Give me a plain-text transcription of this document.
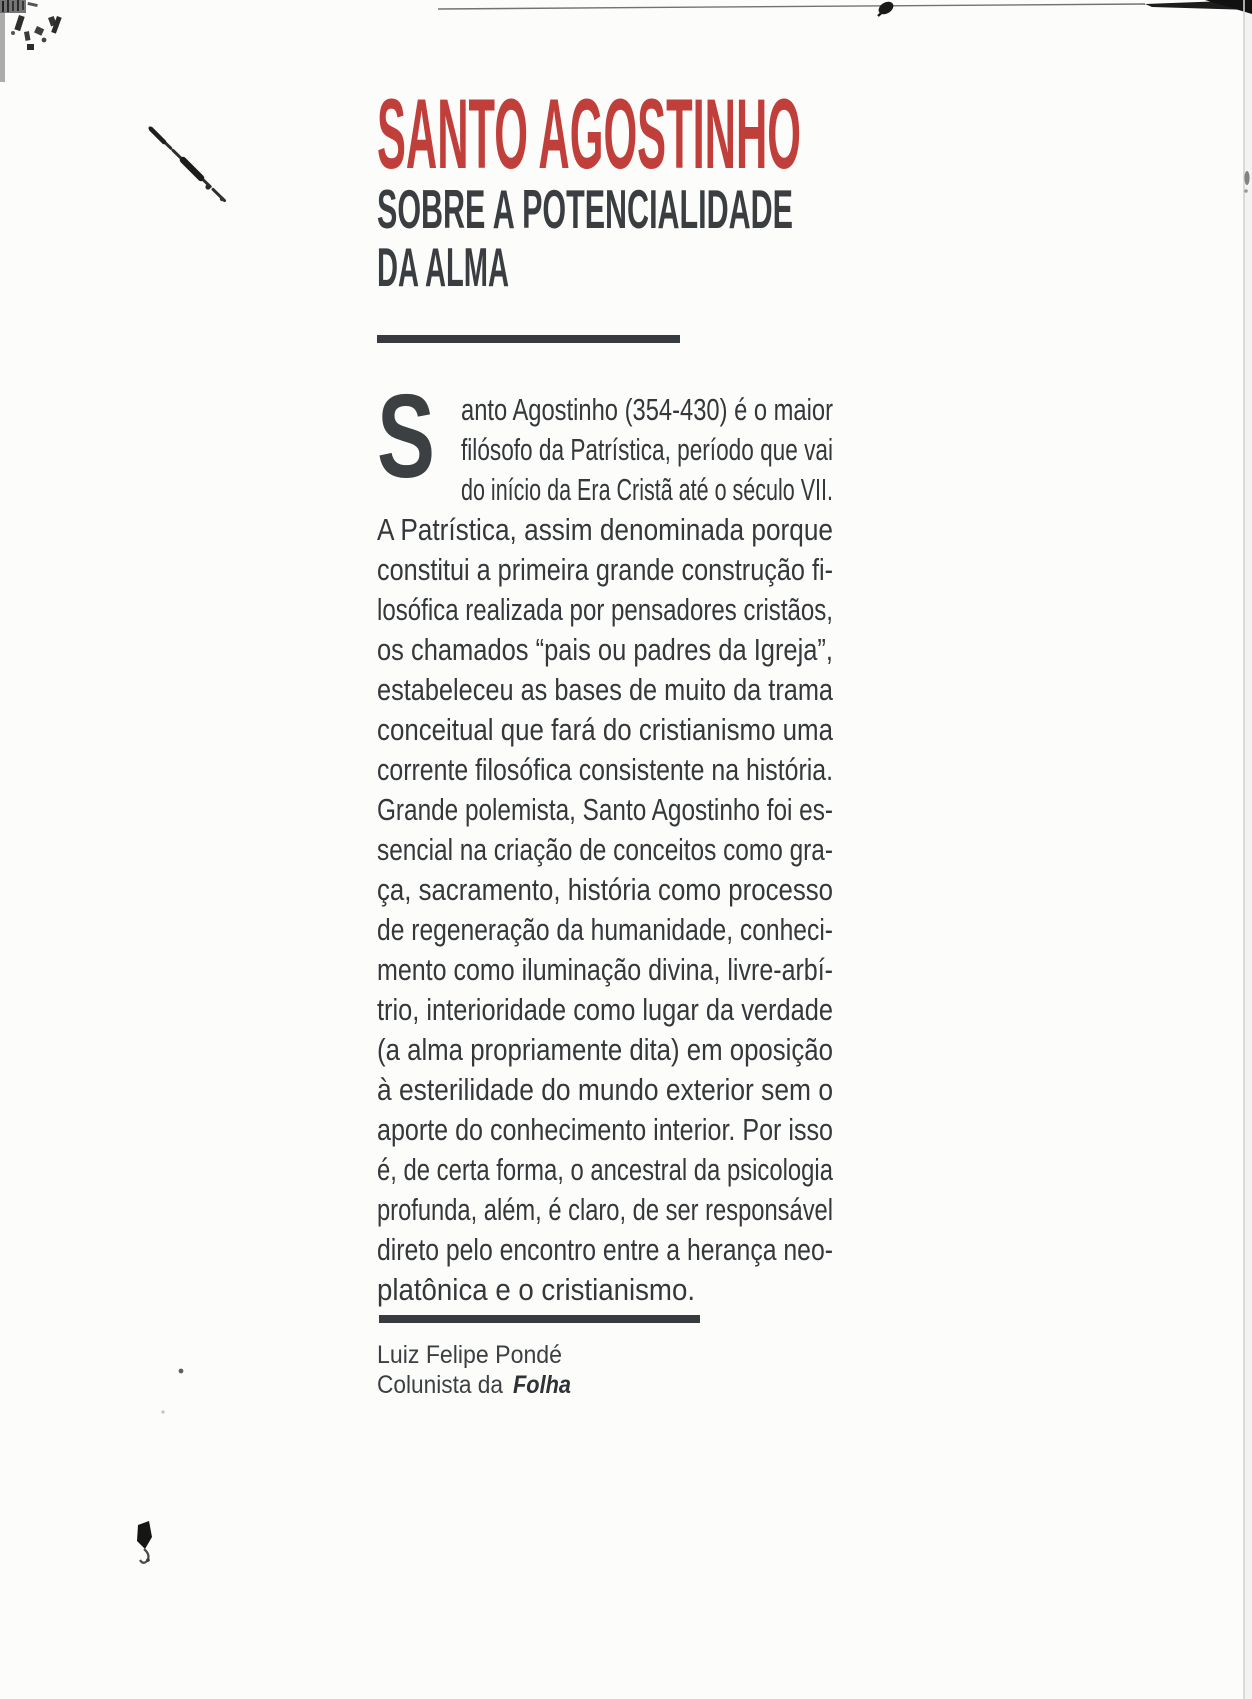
SANTO AGOSTINHO
SOBRE A POTENCIALIDADE
DA ALMA
S anto Agostinho (354-430) é o maior
filósofo da Patrística, período que vai
do início da Era Cristã até o século VII.
A Patrística, assim denominada porque
constitui a primeira grande construção fi-
losófica realizada por pensadores cristãos,
os chamados “pais ou padres da Igreja”,
estabeleceu as bases de muito da trama
conceitual que fará do cristianismo uma
corrente filosófica consistente na história.
Grande polemista, Santo Agostinho foi es-
sencial na criação de conceitos como gra-
ça, sacramento, história como processo
de regeneração da humanidade, conheci-
mento como iluminação divina, livre-arbí-
trio, interioridade como lugar da verdade
(a alma propriamente dita) em oposição
à esterilidade do mundo exterior sem o
aporte do conhecimento interior. Por isso
é, de certa forma, o ancestral da psicologia
profunda, além, é claro, de ser responsável
direto pelo encontro entre a herança neo-
platônica e o cristianismo.
Luiz Felipe Pondé
Colunista da Folha
